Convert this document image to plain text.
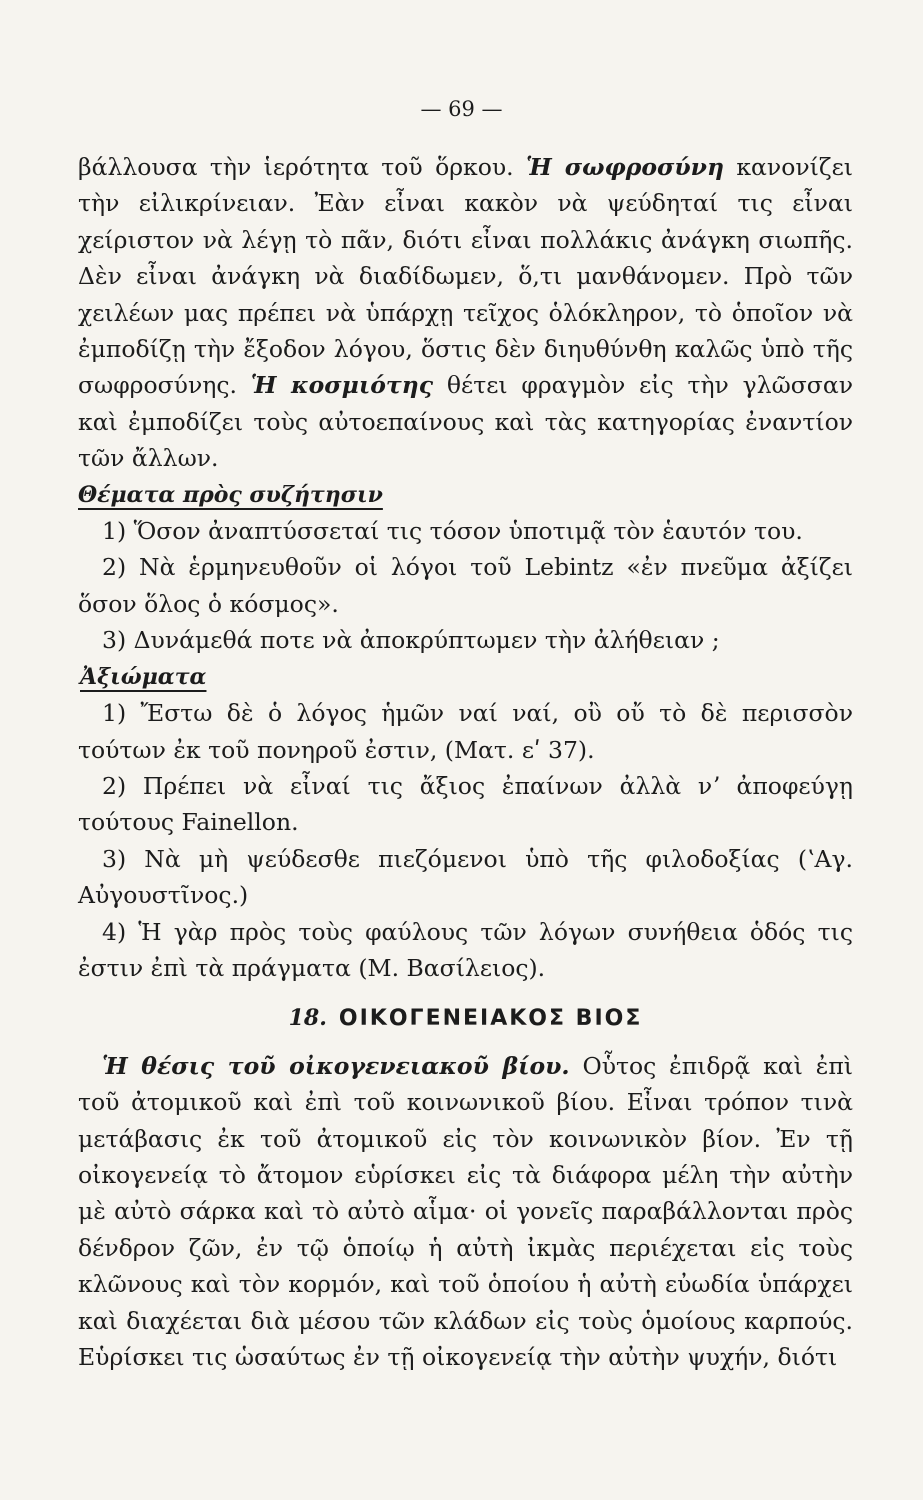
— 69 —

βάλλουσα τὴν ἱερότητα τοῦ ὅρκου. Ἡ σωφροσύνη κανονίζει τὴν εἰλικρίνειαν. Ἐὰν εἶναι κακὸν νὰ ψεύδηταί τις εἶναι χείριστον νὰ λέγῃ τὸ πᾶν, διότι εἶναι πολλάκις ἀνάγκη σιωπῆς. Δὲν εἶναι ἀνάγκη νὰ διαδίδωμεν, ὅ,τι μανθάνομεν. Πρὸ τῶν χειλέων μας πρέπει νὰ ὑπάρχῃ τεῖχος ὁλόκληρον, τὸ ὁποῖον νὰ ἐμποδίζῃ τὴν ἔξοδον λόγου, ὅστις δὲν διηυθύνθη καλῶς ὑπὸ τῆς σωφροσύνης. Ἡ κοσμιότης θέτει φραγμὸν εἰς τὴν γλῶσσαν καὶ ἐμποδίζει τοὺς αὐτοεπαίνους καὶ τὰς κατηγορίας ἐναντίον τῶν ἄλλων.

Θέματα πρὸς συζήτησιν

1) Ὅσον ἀναπτύσσεταί τις τόσον ὑποτιμᾷ τὸν ἑαυτόν του.

2) Νὰ ἑρμηνευθοῦν οἱ λόγοι τοῦ Lebintz «ἐν πνεῦμα ἀξίζει ὅσον ὅλος ὁ κόσμος».

3) Δυνάμεθά ποτε νὰ ἀποκρύπτωμεν τὴν ἀλήθειαν ;

Ἀξιώματα

1) Ἔστω δὲ ὁ λόγος ἡμῶν ναί ναί, οὒ οὔ τὸ δὲ περισσὸν τούτων ἐκ τοῦ πονηροῦ ἐστιν, (Ματ. εʹ 37).

2) Πρέπει νὰ εἶναί τις ἄξιος ἐπαίνων ἀλλὰ νʼ ἀποφεύγῃ τούτους Fainellon.

3) Νὰ μὴ ψεύδεσθε πιεζόμενοι ὑπὸ τῆς φιλοδοξίας (ʽΑγ. Αὐγουστῖνος.)

4) Ἡ γὰρ πρὸς τοὺς φαύλους τῶν λόγων συνήθεια ὁδός τις ἐστιν ἐπὶ τὰ πράγματα (Μ. Βασίλειος).

18. ΟΙΚΟΓΕΝΕΙΑΚΟΣ ΒΙΟΣ

Ἡ θέσις τοῦ οἰκογενειακοῦ βίου. Οὗτος ἐπιδρᾷ καὶ ἐπὶ τοῦ ἀτομικοῦ καὶ ἐπὶ τοῦ κοινωνικοῦ βίου. Εἶναι τρόπον τινὰ μετάβασις ἐκ τοῦ ἀτομικοῦ εἰς τὸν κοινωνικὸν βίον. Ἐν τῇ οἰκογενείᾳ τὸ ἄτομον εὑρίσκει εἰς τὰ διάφορα μέλη τὴν αὐτὴν μὲ αὐτὸ σάρκα καὶ τὸ αὐτὸ αἷμα· οἱ γονεῖς παραβάλλονται πρὸς δένδρον ζῶν, ἐν τῷ ὁποίῳ ἡ αὐτὴ ἰκμὰς περιέχεται εἰς τοὺς κλῶνους καὶ τὸν κορμόν, καὶ τοῦ ὁποίου ἡ αὐτὴ εὐωδία ὑπάρχει καὶ διαχέεται διὰ μέσου τῶν κλάδων εἰς τοὺς ὁμοίους καρπούς. Εὑρίσκει τις ὡσαύτως ἐν τῇ οἰκογενείᾳ τὴν αὐτὴν ψυχήν, διότι
